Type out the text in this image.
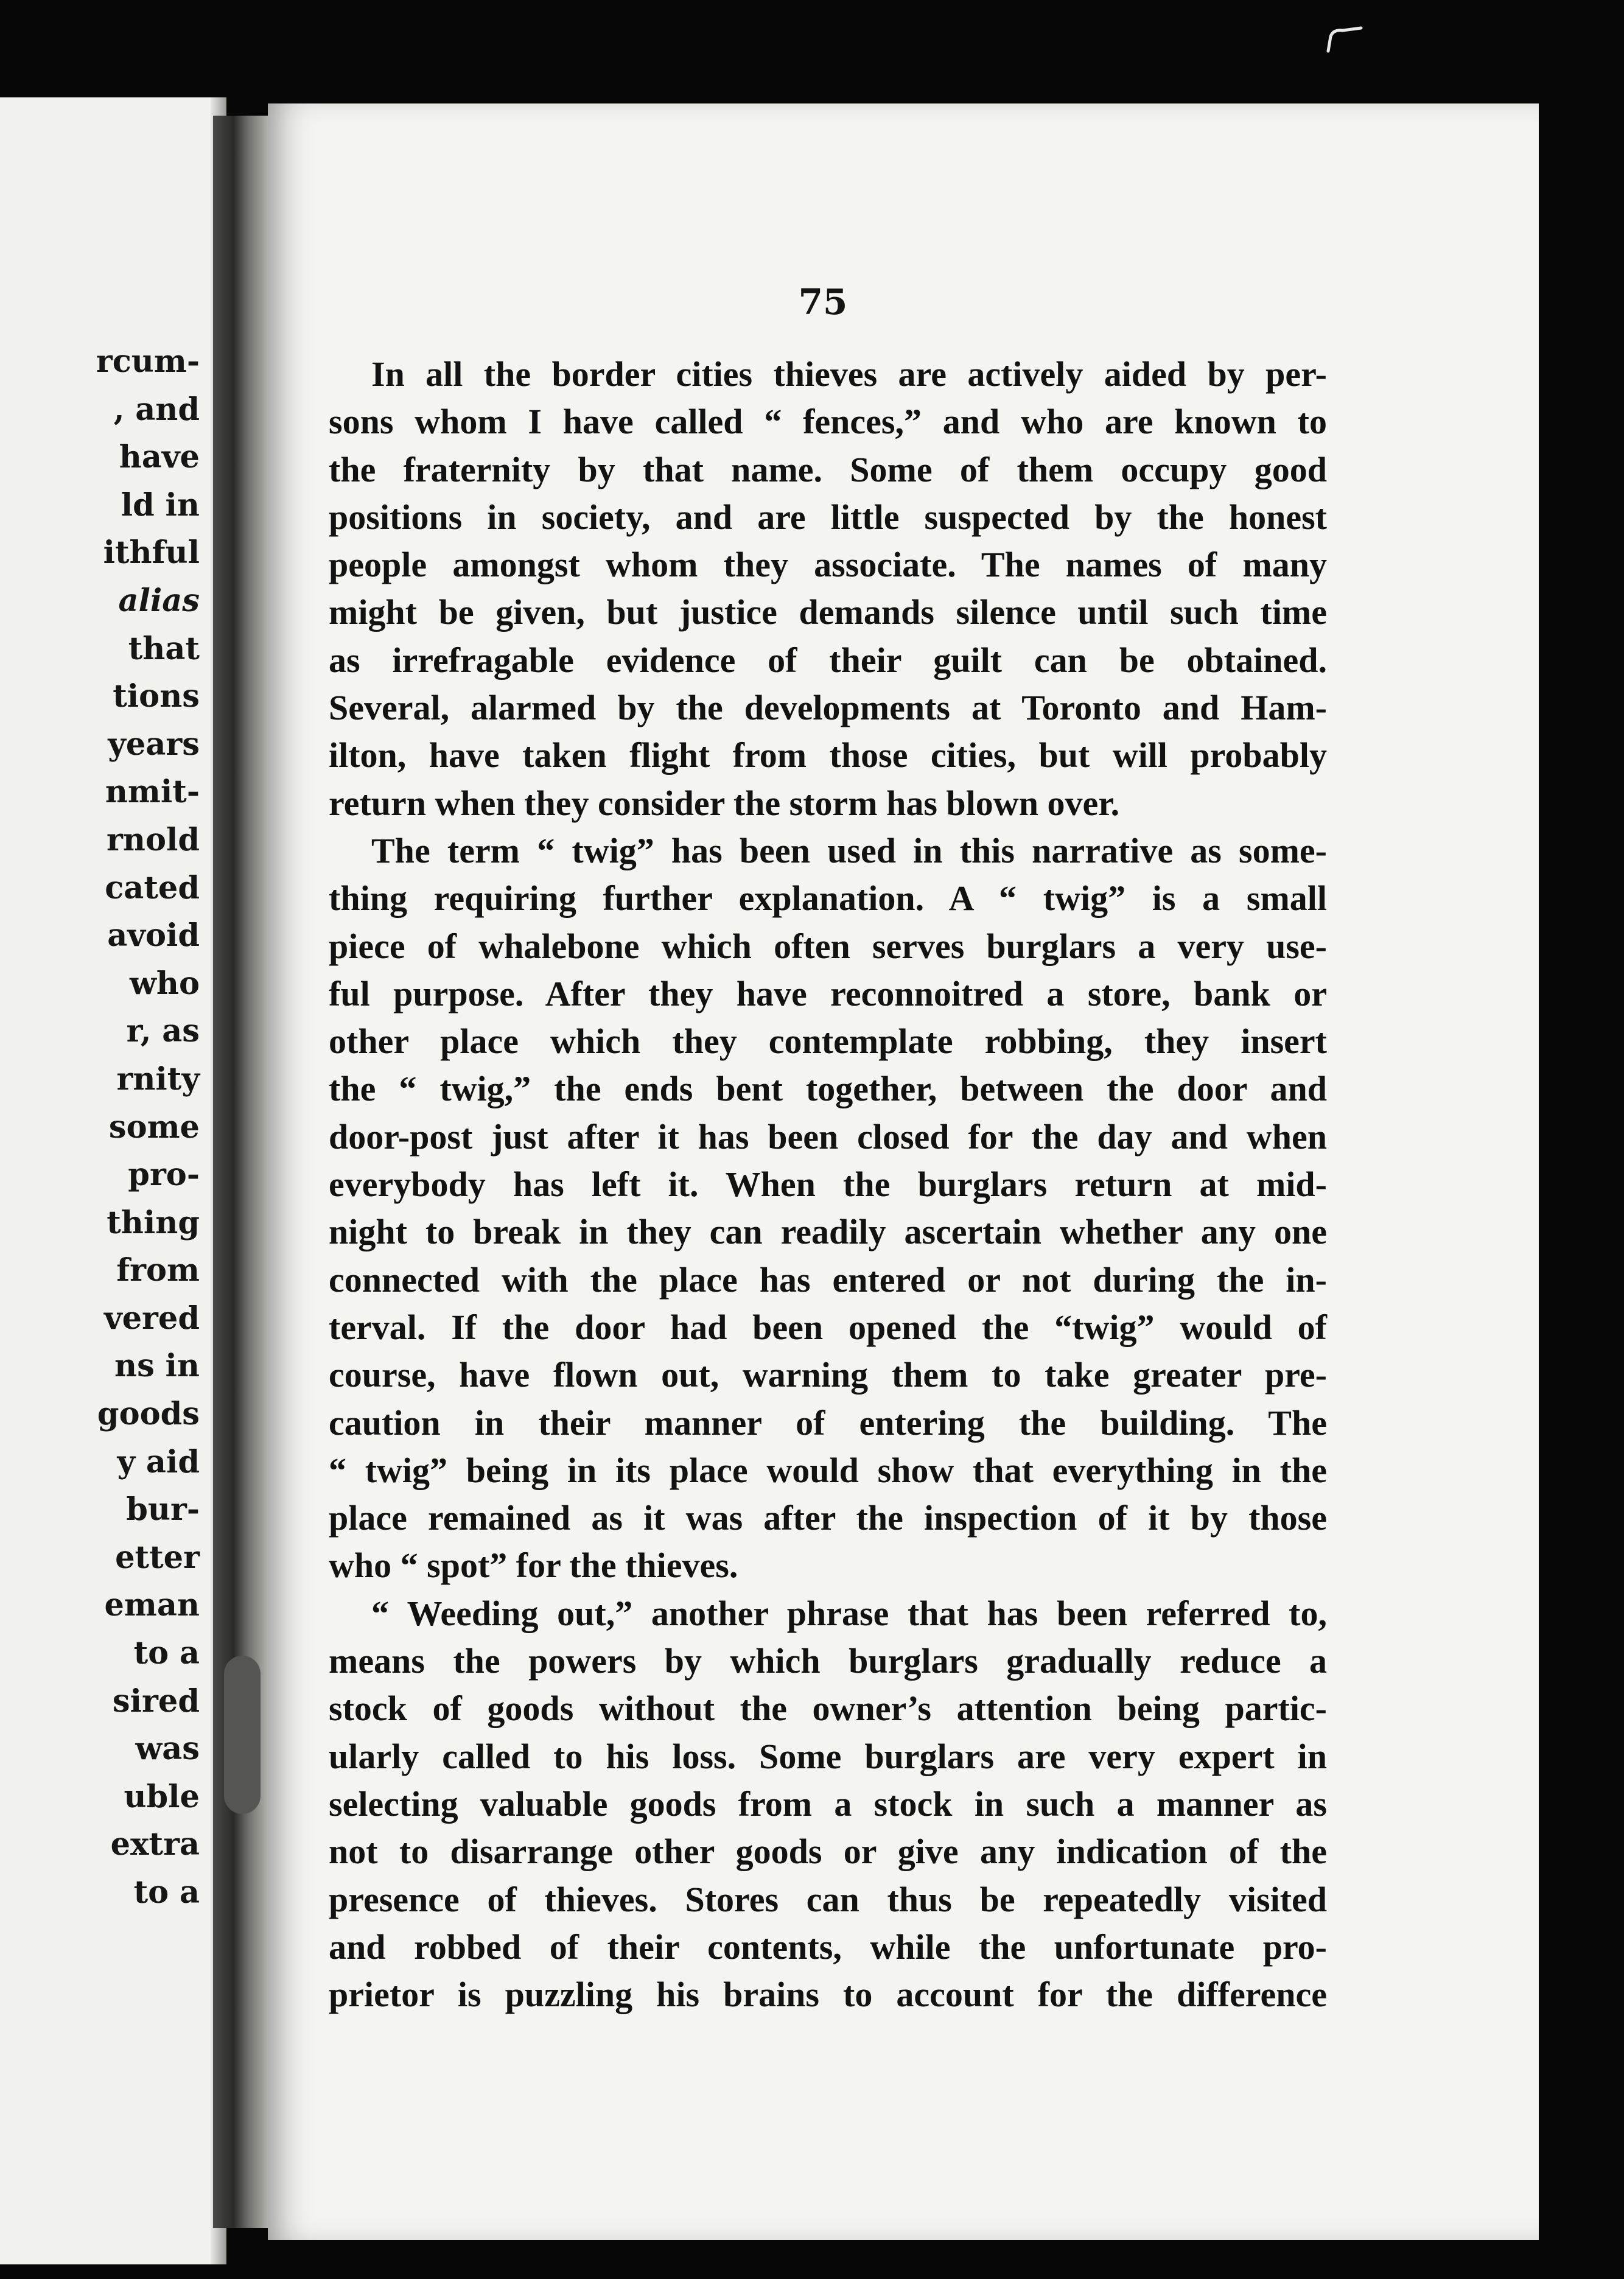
rcum-
, and
have
ld in
ithful
alias
that
tions
years
nmit-
rnold
cated
avoid
who
r, as
rnity
some
pro-
thing
from
vered
ns in
goods
y aid
bur-
etter
eman
to a
sired
was
uble
extra
to a
75
In all the border cities thieves are actively aided by per-
sons whom I have called “ fences,” and who are known to
the fraternity by that name. Some of them occupy good
positions in society, and are little suspected by the honest
people amongst whom they associate. The names of many
might be given, but justice demands silence until such time
as irrefragable evidence of their guilt can be obtained.
Several, alarmed by the developments at Toronto and Ham-
ilton, have taken flight from those cities, but will probably
return when they consider the storm has blown over.
The term “ twig” has been used in this narrative as some-
thing requiring further explanation. A “ twig” is a small
piece of whalebone which often serves burglars a very use-
ful purpose. After they have reconnoitred a store, bank or
other place which they contemplate robbing, they insert
the “ twig,” the ends bent together, between the door and
door-post just after it has been closed for the day and when
everybody has left it. When the burglars return at mid-
night to break in they can readily ascertain whether any one
connected with the place has entered or not during the in-
terval. If the door had been opened the “twig” would of
course, have flown out, warning them to take greater pre-
caution in their manner of entering the building. The
“ twig” being in its place would show that everything in the
place remained as it was after the inspection of it by those
who “ spot” for the thieves.
“ Weeding out,” another phrase that has been referred to,
means the powers by which burglars gradually reduce a
stock of goods without the owner’s attention being partic-
ularly called to his loss. Some burglars are very expert in
selecting valuable goods from a stock in such a manner as
not to disarrange other goods or give any indication of the
presence of thieves. Stores can thus be repeatedly visited
and robbed of their contents, while the unfortunate pro-
prietor is puzzling his brains to account for the difference
